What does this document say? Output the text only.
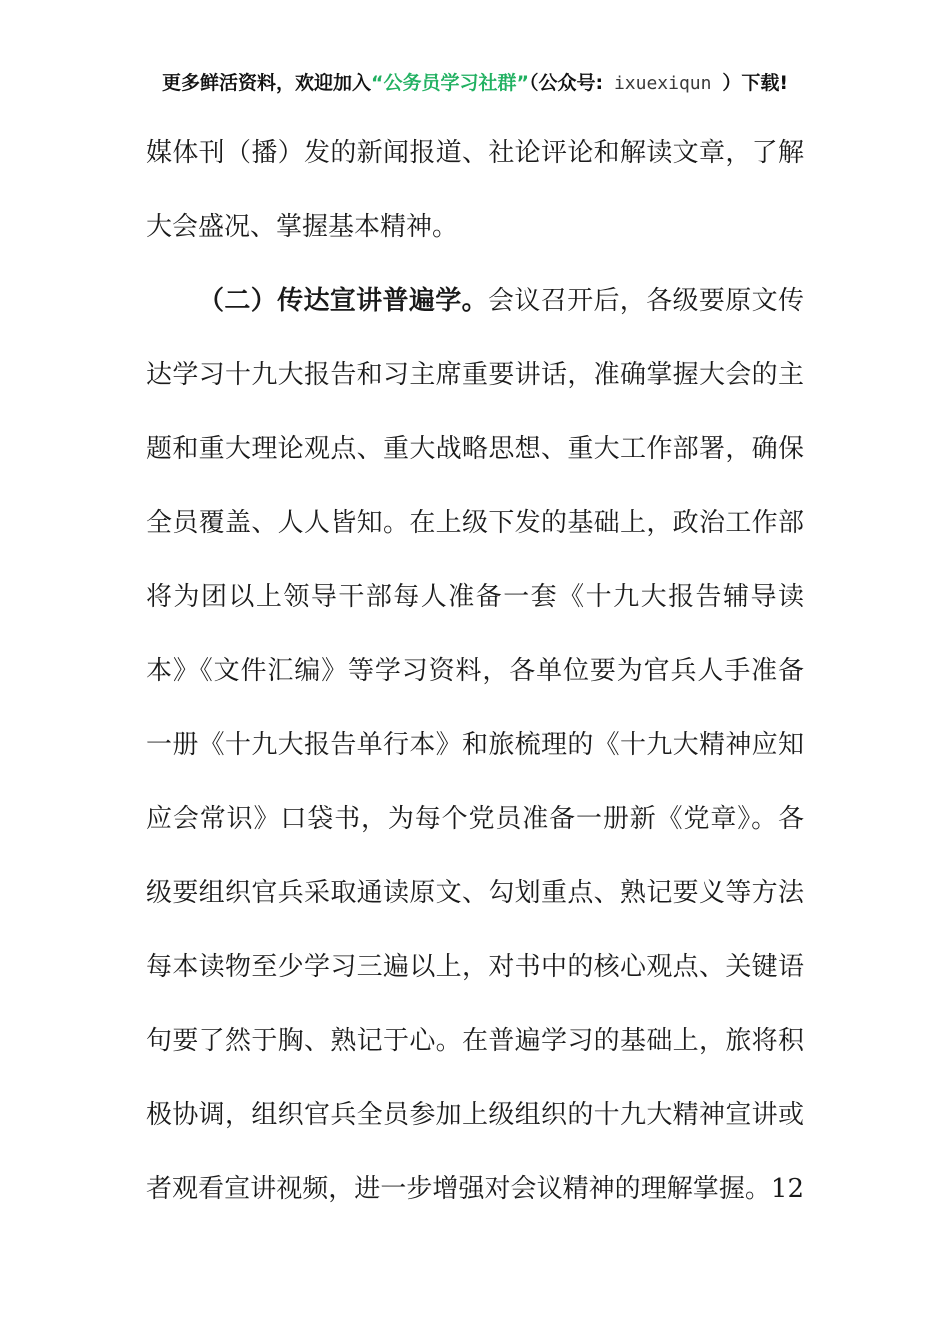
更多鲜活资料，欢迎加入“公务员学习社群”（公众号: ixuexiqun ）下载!
媒体刊（播）发的新闻报道、社论评论和解读文章，了解
大会盛况、掌握基本精神。
（二）传达宣讲普遍学。会议召开后，各级要原文传
达学习十九大报告和习主席重要讲话，准确掌握大会的主
题和重大理论观点、重大战略思想、重大工作部署，确保
全员覆盖、人人皆知。在上级下发的基础上，政治工作部
将为团以上领导干部每人准备一套《十九大报告辅导读
本》《文件汇编》等学习资料，各单位要为官兵人手准备
一册《十九大报告单行本》和旅梳理的《十九大精神应知
应会常识》口袋书，为每个党员准备一册新《党章》。各
级要组织官兵采取通读原文、勾划重点、熟记要义等方法
每本读物至少学习三遍以上，对书中的核心观点、关键语
句要了然于胸、熟记于心。在普遍学习的基础上，旅将积
极协调，组织官兵全员参加上级组织的十九大精神宣讲或
者观看宣讲视频，进一步增强对会议精神的理解掌握。12
